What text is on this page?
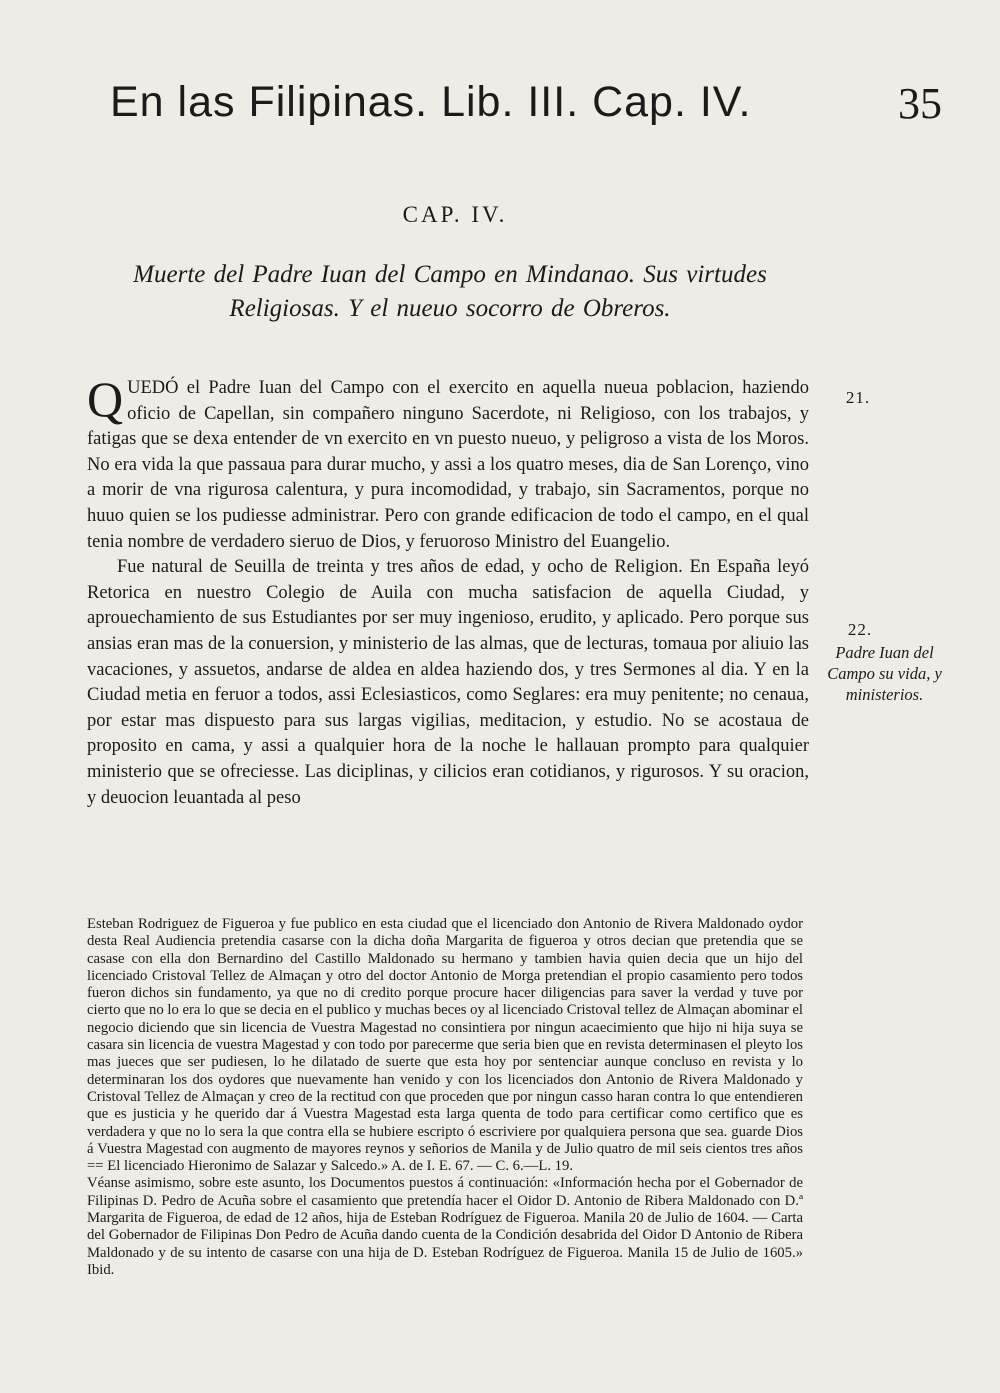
En las Filipinas. Lib. III. Cap. IV.	35
CAP. IV.
Muerte del Padre Iuan del Campo en Mindanao. Sus virtudes
Religiosas. Y el nueuo socorro de Obreros.

QUEDÓ el Padre Iuan del Campo con el exercito en aquella nueua poblacion, haziendo oficio de Capellan, sin compañero ninguno Sacerdote, ni Religioso, con los trabajos, y fatigas que se dexa entender de vn exercito en vn puesto nueuo, y peligroso a vista de los Moros. No era vida la que passaua para durar mucho, y assi a los quatro meses, dia de San Lorenço, vino a morir de vna rigurosa calentura, y pura incomodidad, y trabajo, sin Sacramentos, porque no huuo quien se los pudiesse administrar. Pero con grande edificacion de todo el campo, en el qual tenia nombre de verdadero sieruo de Dios, y feruoroso Ministro del Euangelio.

Fue natural de Seuilla de treinta y tres años de edad, y ocho de Religion. En España leyó Retorica en nuestro Colegio de Auila con mucha satisfacion de aquella Ciudad, y aprouechamiento de sus Estudiantes por ser muy ingenioso, erudito, y aplicado. Pero porque sus ansias eran mas de la conuersion, y ministerio de las almas, que de lecturas, tomaua por aliuio las vacaciones, y assuetos, andarse de aldea en aldea haziendo dos, y tres Sermones al dia. Y en la Ciudad metia en feruor a todos, assi Eclesiasticos, como Seglares: era muy penitente; no cenaua, por estar mas dispuesto para sus largas vigilias, meditacion, y estudio. No se acostaua de proposito en cama, y assi a qualquier hora de la noche le hallauan prompto para qualquier ministerio que se ofreciesse. Las diciplinas, y cilicios eran cotidianos, y rigurosos. Y su oracion, y deuocion leuantada al peso

21.
22.
Padre Iuan del Campo su vida, y ministerios.

Esteban Rodriguez de Figueroa y fue publico en esta ciudad que el licenciado don Antonio de Rivera Maldonado oydor desta Real Audiencia pretendia casarse con la dicha doña Margarita de figueroa y otros decian que pretendia que se casase con ella don Bernardino del Castillo Maldonado su hermano y tambien havia quien decia que un hijo del licenciado Cristoval Tellez de Almaçan y otro del doctor Antonio de Morga pretendian el propio casamiento pero todos fueron dichos sin fundamento, ya que no di credito porque procure hacer diligencias para saver la verdad y tuve por cierto que no lo era lo que se decia en el publico y muchas beces oy al licenciado Cristoval tellez de Almaçan abominar el negocio diciendo que sin licencia de Vuestra Magestad no consintiera por ningun acaecimiento que hijo ni hija suya se casara sin licencia de vuestra Magestad y con todo por parecerme que seria bien que en revista determinasen el pleyto los mas jueces que ser pudiesen, lo he dilatado de suerte que esta hoy por sentenciar aunque concluso en revista y lo determinaran los dos oydores que nuevamente han venido y con los licenciados don Antonio de Rivera Maldonado y Cristoval Tellez de Almaçan y creo de la rectitud con que proceden que por ningun casso haran contra lo que entendieren que es justicia y he querido dar á Vuestra Magestad esta larga quenta de todo para certificar como certifico que es verdadera y que no lo sera la que contra ella se hubiere escripto ó escriviere por qualquiera persona que sea. guarde Dios á Vuestra Magestad con augmento de mayores reynos y señorios de Manila y de Julio quatro de mil seis cientos tres años == El licenciado Hieronimo de Salazar y Salcedo.» A. de I. E. 67. — C. 6.—L. 19.

Véanse asimismo, sobre este asunto, los Documentos puestos á continuación: «Información hecha por el Gobernador de Filipinas D. Pedro de Acuña sobre el casamiento que pretendía hacer el Oidor D. Antonio de Ribera Maldonado con D.ª Margarita de Figueroa, de edad de 12 años, hija de Esteban Rodríguez de Figueroa. Manila 20 de Julio de 1604. — Carta del Gobernador de Filipinas Don Pedro de Acuña dando cuenta de la Condición desabrida del Oidor D Antonio de Ribera Maldonado y de su intento de casarse con una hija de D. Esteban Rodríguez de Figueroa. Manila 15 de Julio de 1605.» Ibid.
